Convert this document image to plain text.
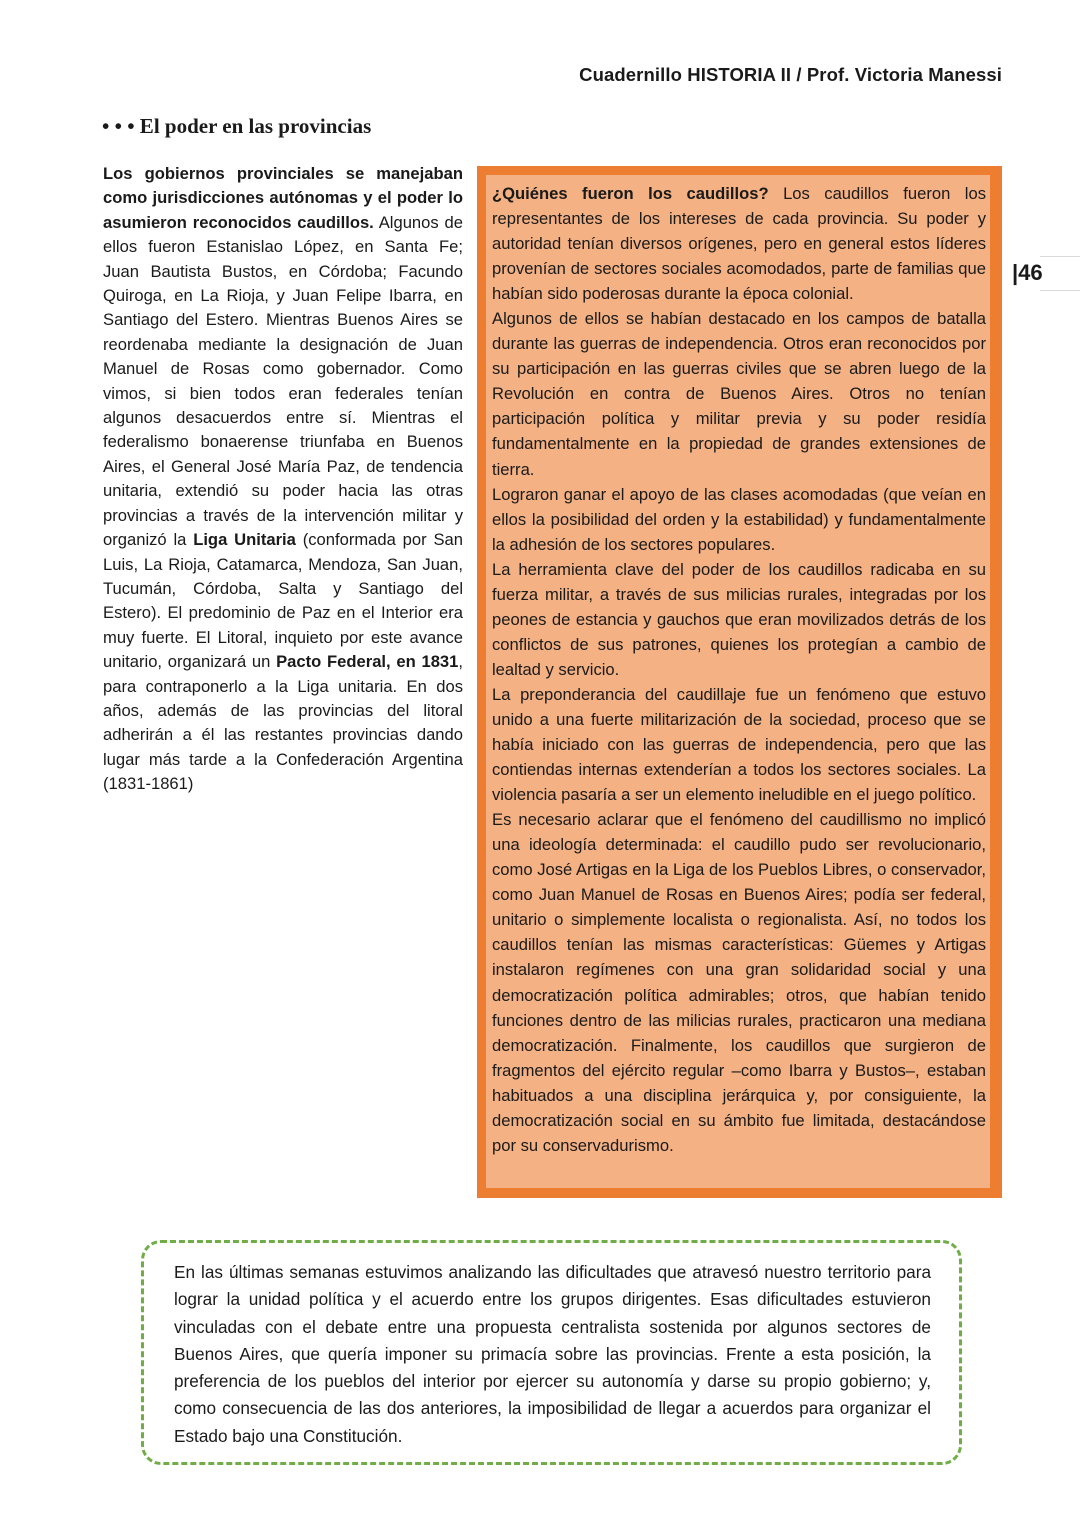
Cuadernillo HISTORIA II / Prof. Victoria Manessi
|46
• • • El poder en las provincias

Los gobiernos provinciales se manejaban como jurisdicciones autónomas y el poder lo asumieron reconocidos caudillos. Algunos de ellos fueron Estanislao López, en Santa Fe; Juan Bautista Bustos, en Córdoba; Facundo Quiroga, en La Rioja, y Juan Felipe Ibarra, en Santiago del Estero. Mientras Buenos Aires se reordenaba mediante la designación de Juan Manuel de Rosas como gobernador. Como vimos, si bien todos eran federales tenían algunos desacuerdos entre sí. Mientras el federalismo bonaerense triunfaba en Buenos Aires, el General José María Paz, de tendencia unitaria, extendió su poder hacia las otras provincias a través de la intervención militar y organizó la Liga Unitaria (conformada por San Luis, La Rioja, Catamarca, Mendoza, San Juan, Tucumán, Córdoba, Salta y Santiago del Estero). El predominio de Paz en el Interior era muy fuerte. El Litoral, inquieto por este avance unitario, organizará un Pacto Federal, en 1831, para contraponerlo a la Liga unitaria. En dos años, además de las provincias del litoral adherirán a él las restantes provincias dando lugar más tarde a la Confederación Argentina (1831-1861)

¿Quiénes fueron los caudillos? Los caudillos fueron los representantes de los intereses de cada provincia. Su poder y autoridad tenían diversos orígenes, pero en general estos líderes provenían de sectores sociales acomodados, parte de familias que habían sido poderosas durante la época colonial.

Algunos de ellos se habían destacado en los campos de batalla durante las guerras de independencia. Otros eran reconocidos por su participación en las guerras civiles que se abren luego de la Revolución en contra de Buenos Aires. Otros no tenían participación política y militar previa y su poder residía fundamentalmente en la propiedad de grandes extensiones de tierra.

Lograron ganar el apoyo de las clases acomodadas (que veían en ellos la posibilidad del orden y la estabilidad) y fundamentalmente la adhesión de los sectores populares.

La herramienta clave del poder de los caudillos radicaba en su fuerza militar, a través de sus milicias rurales, integradas por los peones de estancia y gauchos que eran movilizados detrás de los conflictos de sus patrones, quienes los protegían a cambio de lealtad y servicio.

La preponderancia del caudillaje fue un fenómeno que estuvo unido a una fuerte militarización de la sociedad, proceso que se había iniciado con las guerras de independencia, pero que las contiendas internas extenderían a todos los sectores sociales. La violencia pasaría a ser un elemento ineludible en el juego político.

Es necesario aclarar que el fenómeno del caudillismo no implicó una ideología determinada: el caudillo pudo ser revolucionario, como José Artigas en la Liga de los Pueblos Libres, o conservador, como Juan Manuel de Rosas en Buenos Aires; podía ser federal, unitario o simplemente localista o regionalista. Así, no todos los caudillos tenían las mismas características: Güemes y Artigas instalaron regímenes con una gran solidaridad social y una democratización política admirables; otros, que habían tenido funciones dentro de las milicias rurales, practicaron una mediana democratización. Finalmente, los caudillos que surgieron de fragmentos del ejército regular –como Ibarra y Bustos–, estaban habituados a una disciplina jerárquica y, por consiguiente, la democratización social en su ámbito fue limitada, destacándose por su conservadurismo.

En las últimas semanas estuvimos analizando las dificultades que atravesó nuestro territorio para lograr la unidad política y el acuerdo entre los grupos dirigentes. Esas dificultades estuvieron vinculadas con el debate entre una propuesta centralista sostenida por algunos sectores de Buenos Aires, que quería imponer su primacía sobre las provincias. Frente a esta posición, la preferencia de los pueblos del interior por ejercer su autonomía y darse su propio gobierno; y, como consecuencia de las dos anteriores, la imposibilidad de llegar a acuerdos para organizar el Estado bajo una Constitución.
